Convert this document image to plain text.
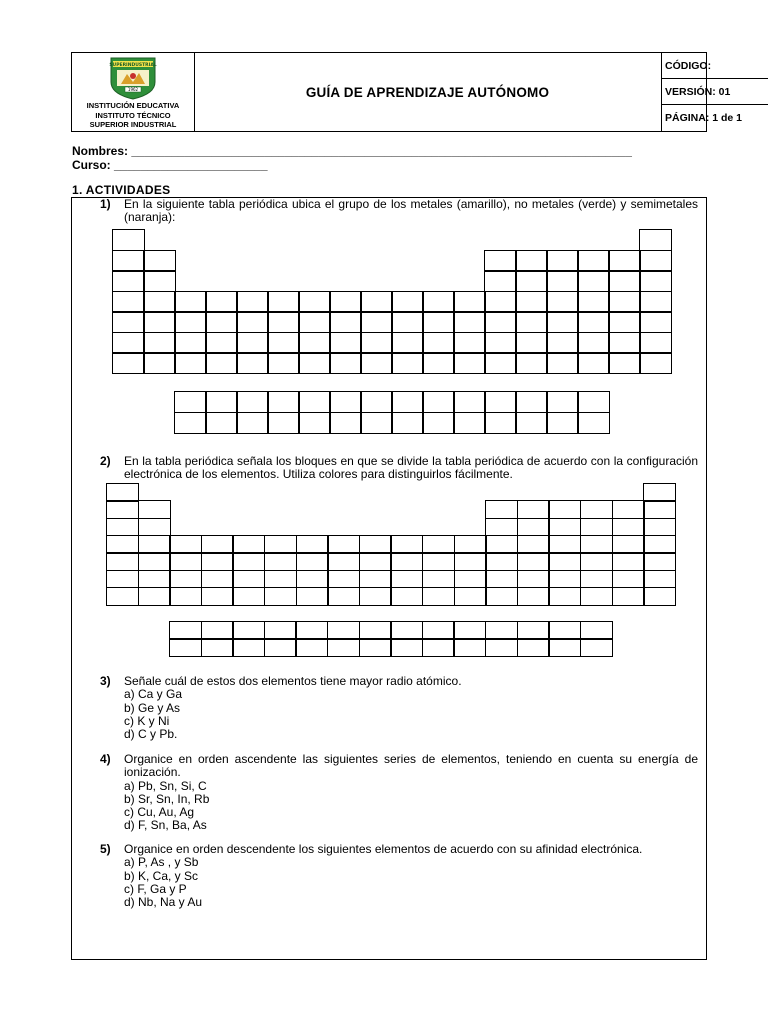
SUPERINDUSTRIAL
1962
INSTITUCIÓN EDUCATIVA
INSTITUTO TÉCNICO
SUPERIOR INDUSTRIAL
GUÍA DE APRENDIZAJE AUTÓNOMO
CÓDIGO:
VERSIÓN: 01
PÁGINA: 1 de 1
Nombres: ___________________________________________________________________________
Curso: _______________________
1. ACTIVIDADES
1) En la siguiente tabla periódica ubica el grupo de los metales (amarillo), no metales (verde) y semimetales (naranja):
2) En la tabla periódica señala los bloques en que se divide la tabla periódica de acuerdo con la configuración electrónica de los elementos. Utiliza colores para distinguirlos fácilmente.
3) Señale cuál de estos dos elementos tiene mayor radio atómico.
a) Ca y Ga
b) Ge y As
c) K y Ni
d) C y Pb.
4) Organice en orden ascendente las siguientes series de elementos, teniendo en cuenta su energía de ionización.
a) Pb, Sn, Si, C
b) Sr, Sn, In, Rb
c) Cu, Au, Ag
d) F, Sn, Ba, As
5) Organice en orden descendente los siguientes elementos de acuerdo con su afinidad electrónica.
a) P, As , y Sb
b) K, Ca, y Sc
c) F, Ga y P
d) Nb, Na y Au
